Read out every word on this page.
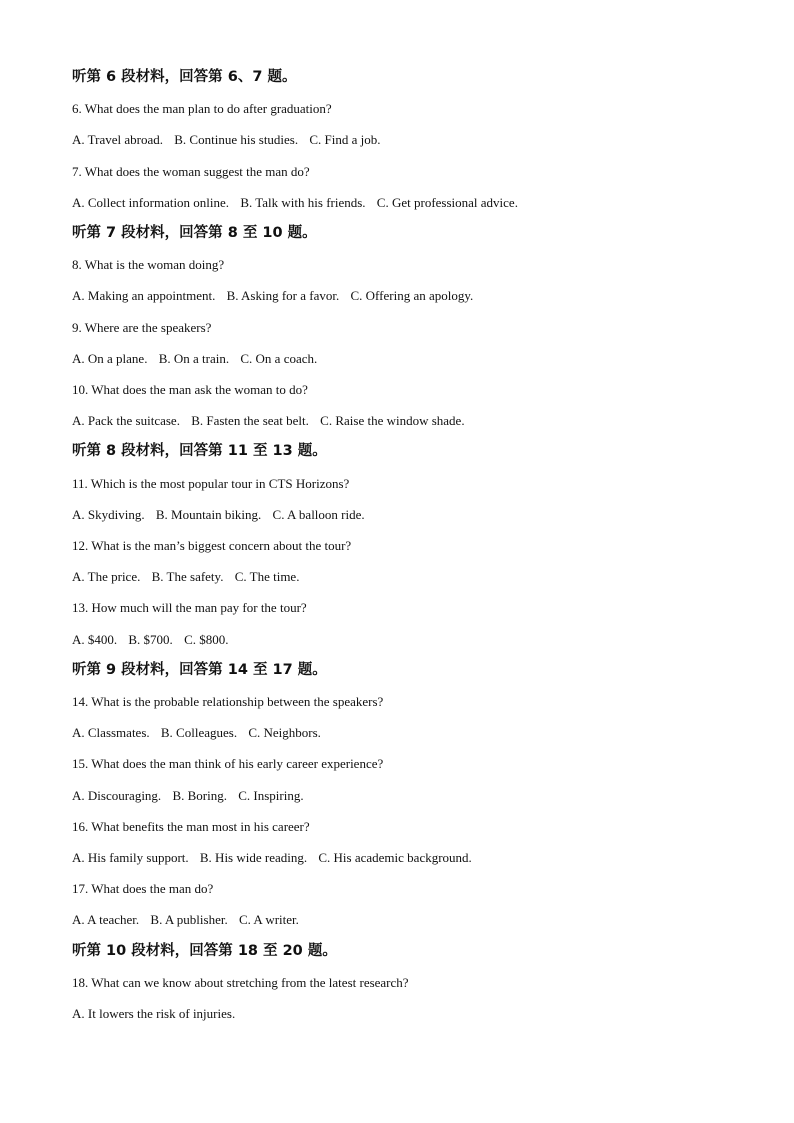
听第 6 段材料，回答第 6、7 题。
6. What does the man plan to do after graduation?
A. Travel abroad. B. Continue his studies. C. Find a job.
7. What does the woman suggest the man do?
A. Collect information online. B. Talk with his friends. C. Get professional advice.
听第 7 段材料，回答第 8 至 10 题。
8. What is the woman doing?
A. Making an appointment. B. Asking for a favor. C. Offering an apology.
9. Where are the speakers?
A. On a plane. B. On a train. C. On a coach.
10. What does the man ask the woman to do?
A. Pack the suitcase. B. Fasten the seat belt. C. Raise the window shade.
听第 8 段材料，回答第 11 至 13 题。
11. Which is the most popular tour in CTS Horizons?
A. Skydiving. B. Mountain biking. C. A balloon ride.
12. What is the man’s biggest concern about the tour?
A. The price. B. The safety. C. The time.
13. How much will the man pay for the tour?
A. $400. B. $700. C. $800.
听第 9 段材料，回答第 14 至 17 题。
14. What is the probable relationship between the speakers?
A. Classmates. B. Colleagues. C. Neighbors.
15. What does the man think of his early career experience?
A. Discouraging. B. Boring. C. Inspiring.
16. What benefits the man most in his career?
A. His family support. B. His wide reading. C. His academic background.
17. What does the man do?
A. A teacher. B. A publisher. C. A writer.
听第 10 段材料，回答第 18 至 20 题。
18. What can we know about stretching from the latest research?
A. It lowers the risk of injuries.
